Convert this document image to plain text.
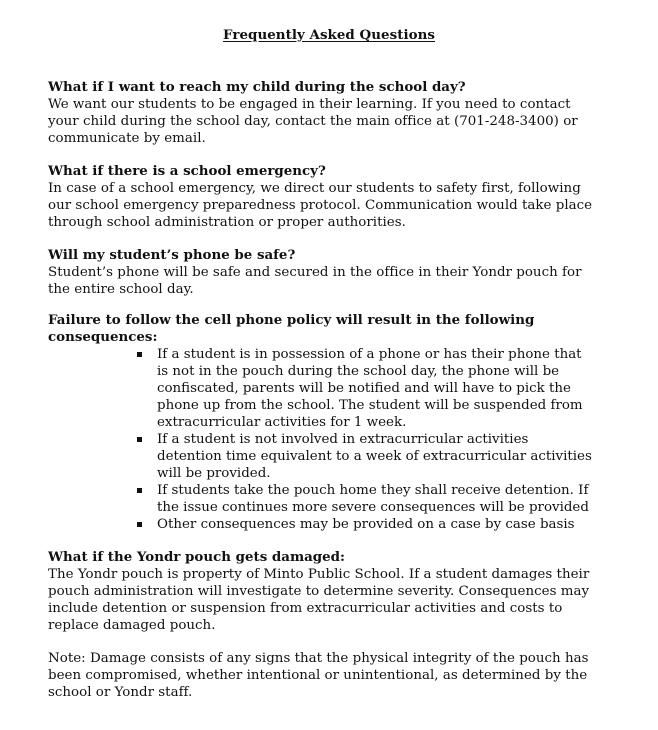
Frequently Asked Questions

What if I want to reach my child during the school day?

We want our students to be engaged in their learning. If you need to contact

your child during the school day, contact the main office at (701-248-3400) or

communicate by email.

What if there is a school emergency?

In case of a school emergency, we direct our students to safety first, following

our school emergency preparedness protocol. Communication would take place

through school administration or proper authorities.

Will my student’s phone be safe?

Student’s phone will be safe and secured in the office in their Yondr pouch for

the entire school day.

Failure to follow the cell phone policy will result in the following

consequences:

If a student is in possession of a phone or has their phone that
is not in the pouch during the school day, the phone will be
confiscated, parents will be notified and will have to pick the
phone up from the school. The student will be suspended from
extracurricular activities for 1 week.
If a student is not involved in extracurricular activities
detention time equivalent to a week of extracurricular activities
will be provided.
If students take the pouch home they shall receive detention. If
the issue continues more severe consequences will be provided
Other consequences may be provided on a case by case basis

What if the Yondr pouch gets damaged:

The Yondr pouch is property of Minto Public School. If a student damages their

pouch administration will investigate to determine severity. Consequences may

include detention or suspension from extracurricular activities and costs to

replace damaged pouch.

Note: Damage consists of any signs that the physical integrity of the pouch has

been compromised, whether intentional or unintentional, as determined by the

school or Yondr staff.
